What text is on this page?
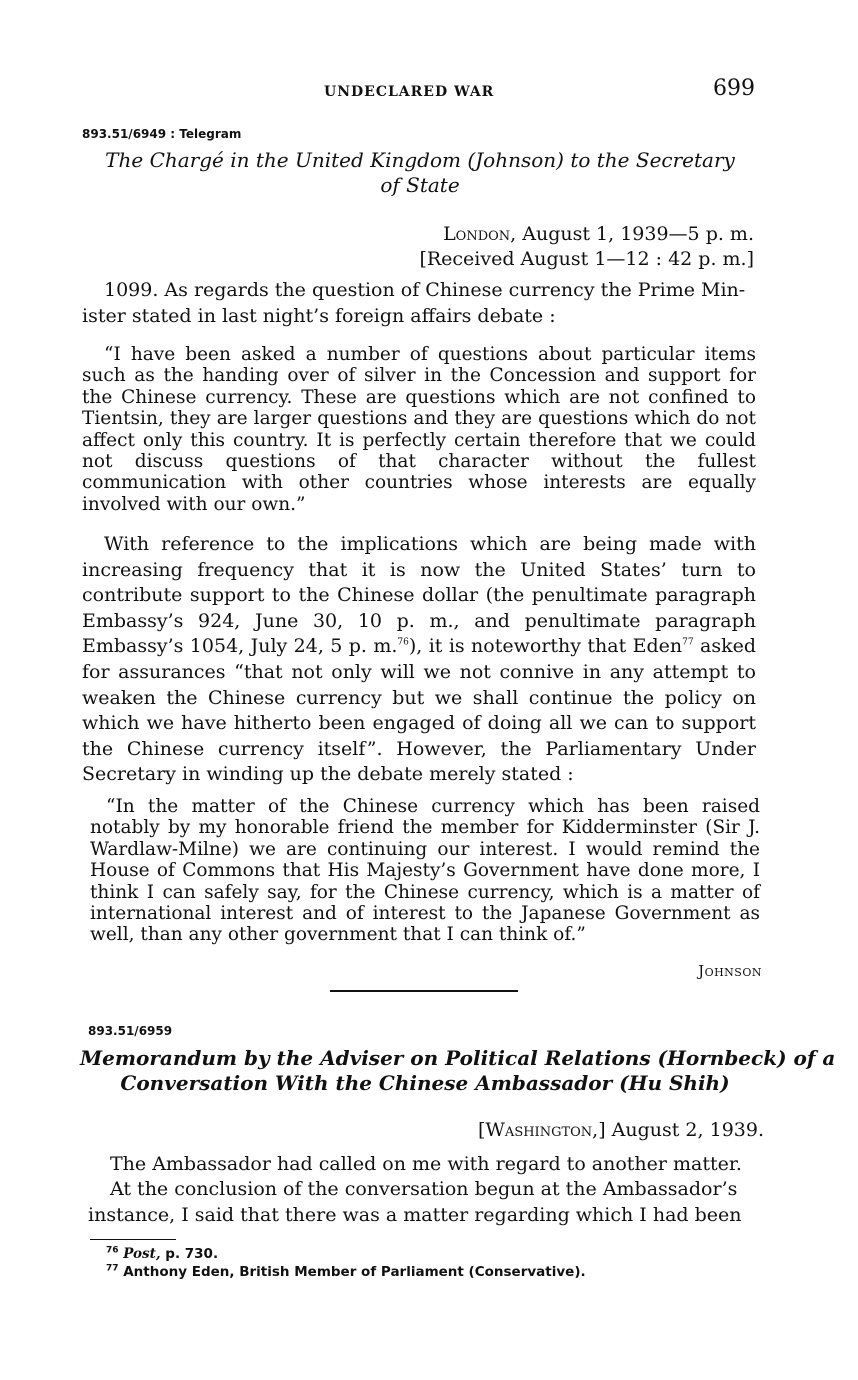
UNDECLARED WAR	699
893.51/6949 : Telegram
The Chargé in the United Kingdom (Johnson) to the Secretary
of State
London, August 1, 1939—5 p. m.
[Received August 1—12 : 42 p. m.]
1099. As regards the question of Chinese currency the Prime Min-
ister stated in last night’s foreign affairs debate :
“I have been asked a number of questions about particular items such as the handing over of silver in the Concession and support for the Chinese currency. These are questions which are not confined to Tientsin, they are larger questions and they are questions which do not affect only this country. It is perfectly certain therefore that we could not discuss questions of that character without the fullest communication with other countries whose interests are equally involved with our own.”
With reference to the implications which are being made with increasing frequency that it is now the United States’ turn to contribute support to the Chinese dollar (the penultimate paragraph Embassy’s 924, June 30, 10 p. m., and penultimate paragraph Embassy’s 1054, July 24, 5 p. m.$^{76}$), it is noteworthy that Eden$^{77}$ asked for assurances “that not only will we not connive in any attempt to weaken the Chinese currency but we shall continue the policy on which we have hitherto been engaged of doing all we can to support the Chinese currency itself”. However, the Parliamentary Under Secretary in winding up the debate merely stated :
“In the matter of the Chinese currency which has been raised notably by my honorable friend the member for Kidderminster (Sir J. Wardlaw-Milne) we are continuing our interest. I would remind the House of Commons that His Majesty’s Government have done more, I think I can safely say, for the Chinese currency, which is a matter of international interest and of interest to the Japanese Government as well, than any other government that I can think of.”
Johnson
893.51/6959
Memorandum by the Adviser on Political Relations (Hornbeck) of a
Conversation With the Chinese Ambassador (Hu Shih)
[Washington,] August 2, 1939.
The Ambassador had called on me with regard to another matter.
At the conclusion of the conversation begun at the Ambassador’s
instance, I said that there was a matter regarding which I had been
$^{76}$ Post, p. 730.
$^{77}$ Anthony Eden, British Member of Parliament (Conservative).
